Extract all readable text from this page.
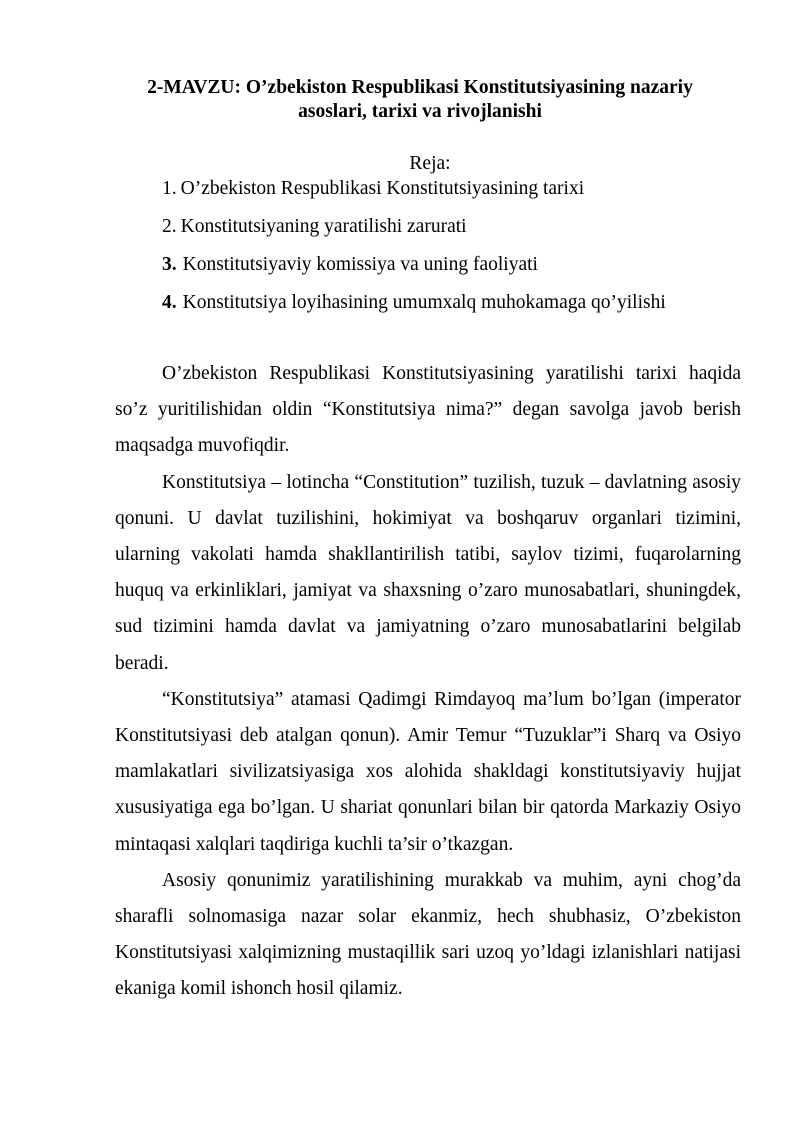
2-MAVZU: O’zbekiston Respublikasi Konstitutsiyasining nazariy
asoslari, tarixi va rivojlanishi
Reja:
1. O’zbekiston Respublikasi Konstitutsiyasining tarixi
2. Konstitutsiyaning yaratilishi zarurati
3. Konstitutsiyaviy komissiya va uning faoliyati
4. Konstitutsiya loyihasining umumxalq muhokamaga qo’yilishi

O’zbekiston Respublikasi Konstitutsiyasining yaratilishi tarixi haqida so’z yuritilishidan oldin “Konstitutsiya nima?” degan savolga javob berish maqsadga muvofiqdir.

Konstitutsiya – lotincha “Constitution” tuzilish, tuzuk – davlatning asosiy qonuni. U davlat tuzilishini, hokimiyat va boshqaruv organlari tizimini, ularning vakolati hamda shakllantirilish tatibi, saylov tizimi, fuqarolarning huquq va erkinliklari, jamiyat va shaxsning o’zaro munosabatlari, shuningdek, sud tizimini hamda davlat va jamiyatning o’zaro munosabatlarini belgilab beradi.

“Konstitutsiya” atamasi Qadimgi Rimdayoq ma’lum bo’lgan (imperator Konstitutsiyasi deb atalgan qonun). Amir Temur “Tuzuklar”i Sharq va Osiyo mamlakatlari sivilizatsiyasiga xos alohida shakldagi konstitutsiyaviy hujjat xususiyatiga ega bo’lgan. U shariat qonunlari bilan bir qatorda Markaziy Osiyo mintaqasi xalqlari taqdiriga kuchli ta’sir o’tkazgan.

Asosiy qonunimiz yaratilishining murakkab va muhim, ayni chog’da sharafli solnomasiga nazar solar ekanmiz, hech shubhasiz, O’zbekiston Konstitutsiyasi xalqimizning mustaqillik sari uzoq yo’ldagi izlanishlari natijasi ekaniga komil ishonch hosil qilamiz.
